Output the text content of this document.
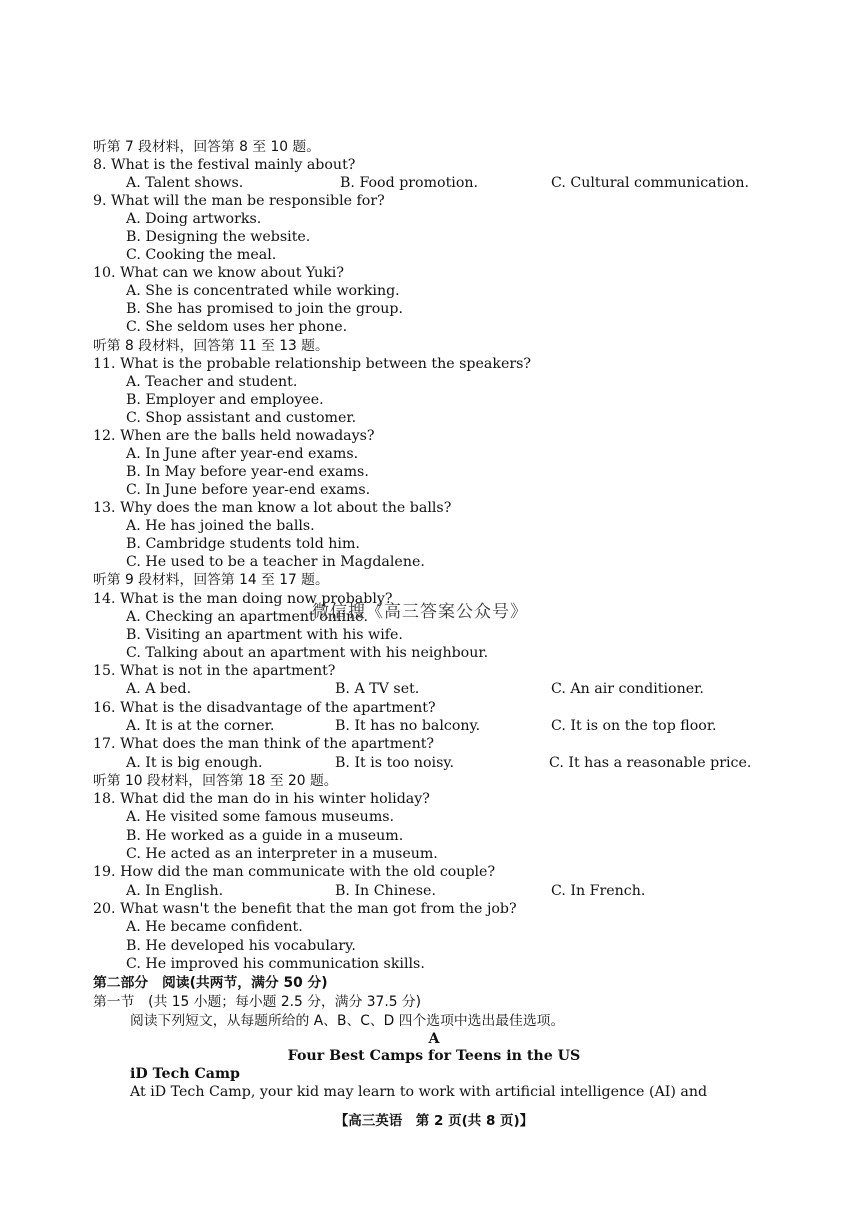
听第 7 段材料，回答第 8 至 10 题。
8. What is the festival mainly about?
A. Talent shows.	B. Food promotion.	C. Cultural communication.
9. What will the man be responsible for?
A. Doing artworks.
B. Designing the website.
C. Cooking the meal.
10. What can we know about Yuki?
A. She is concentrated while working.
B. She has promised to join the group.
C. She seldom uses her phone.
听第 8 段材料，回答第 11 至 13 题。
11. What is the probable relationship between the speakers?
A. Teacher and student.
B. Employer and employee.
C. Shop assistant and customer.
12. When are the balls held nowadays?
A. In June after year-end exams.
B. In May before year-end exams.
C. In June before year-end exams.
13. Why does the man know a lot about the balls?
A. He has joined the balls.
B. Cambridge students told him.
C. He used to be a teacher in Magdalene.
听第 9 段材料，回答第 14 至 17 题。
14. What is the man doing now probably?
A. Checking an apartment online.
B. Visiting an apartment with his wife.
C. Talking about an apartment with his neighbour.
微信搜《高三答案公众号》
15. What is not in the apartment?
A. A bed.	B. A TV set.	C. An air conditioner.
16. What is the disadvantage of the apartment?
A. It is at the corner.	B. It has no balcony.	C. It is on the top floor.
17. What does the man think of the apartment?
A. It is big enough.	B. It is too noisy.	C. It has a reasonable price.
听第 10 段材料，回答第 18 至 20 题。
18. What did the man do in his winter holiday?
A. He visited some famous museums.
B. He worked as a guide in a museum.
C. He acted as an interpreter in a museum.
19. How did the man communicate with the old couple?
A. In English.	B. In Chinese.	C. In French.
20. What wasn't the benefit that the man got from the job?
A. He became confident.
B. He developed his vocabulary.
C. He improved his communication skills.
第二部分　阅读(共两节，满分 50 分)
第一节　(共 15 小题；每小题 2.5 分，满分 37.5 分)
阅读下列短文，从每题所给的 A、B、C、D 四个选项中选出最佳选项。
A
Four Best Camps for Teens in the US
iD Tech Camp
At iD Tech Camp, your kid may learn to work with artificial intelligence (AI) and
【高三英语　第 2 页(共 8 页)】
